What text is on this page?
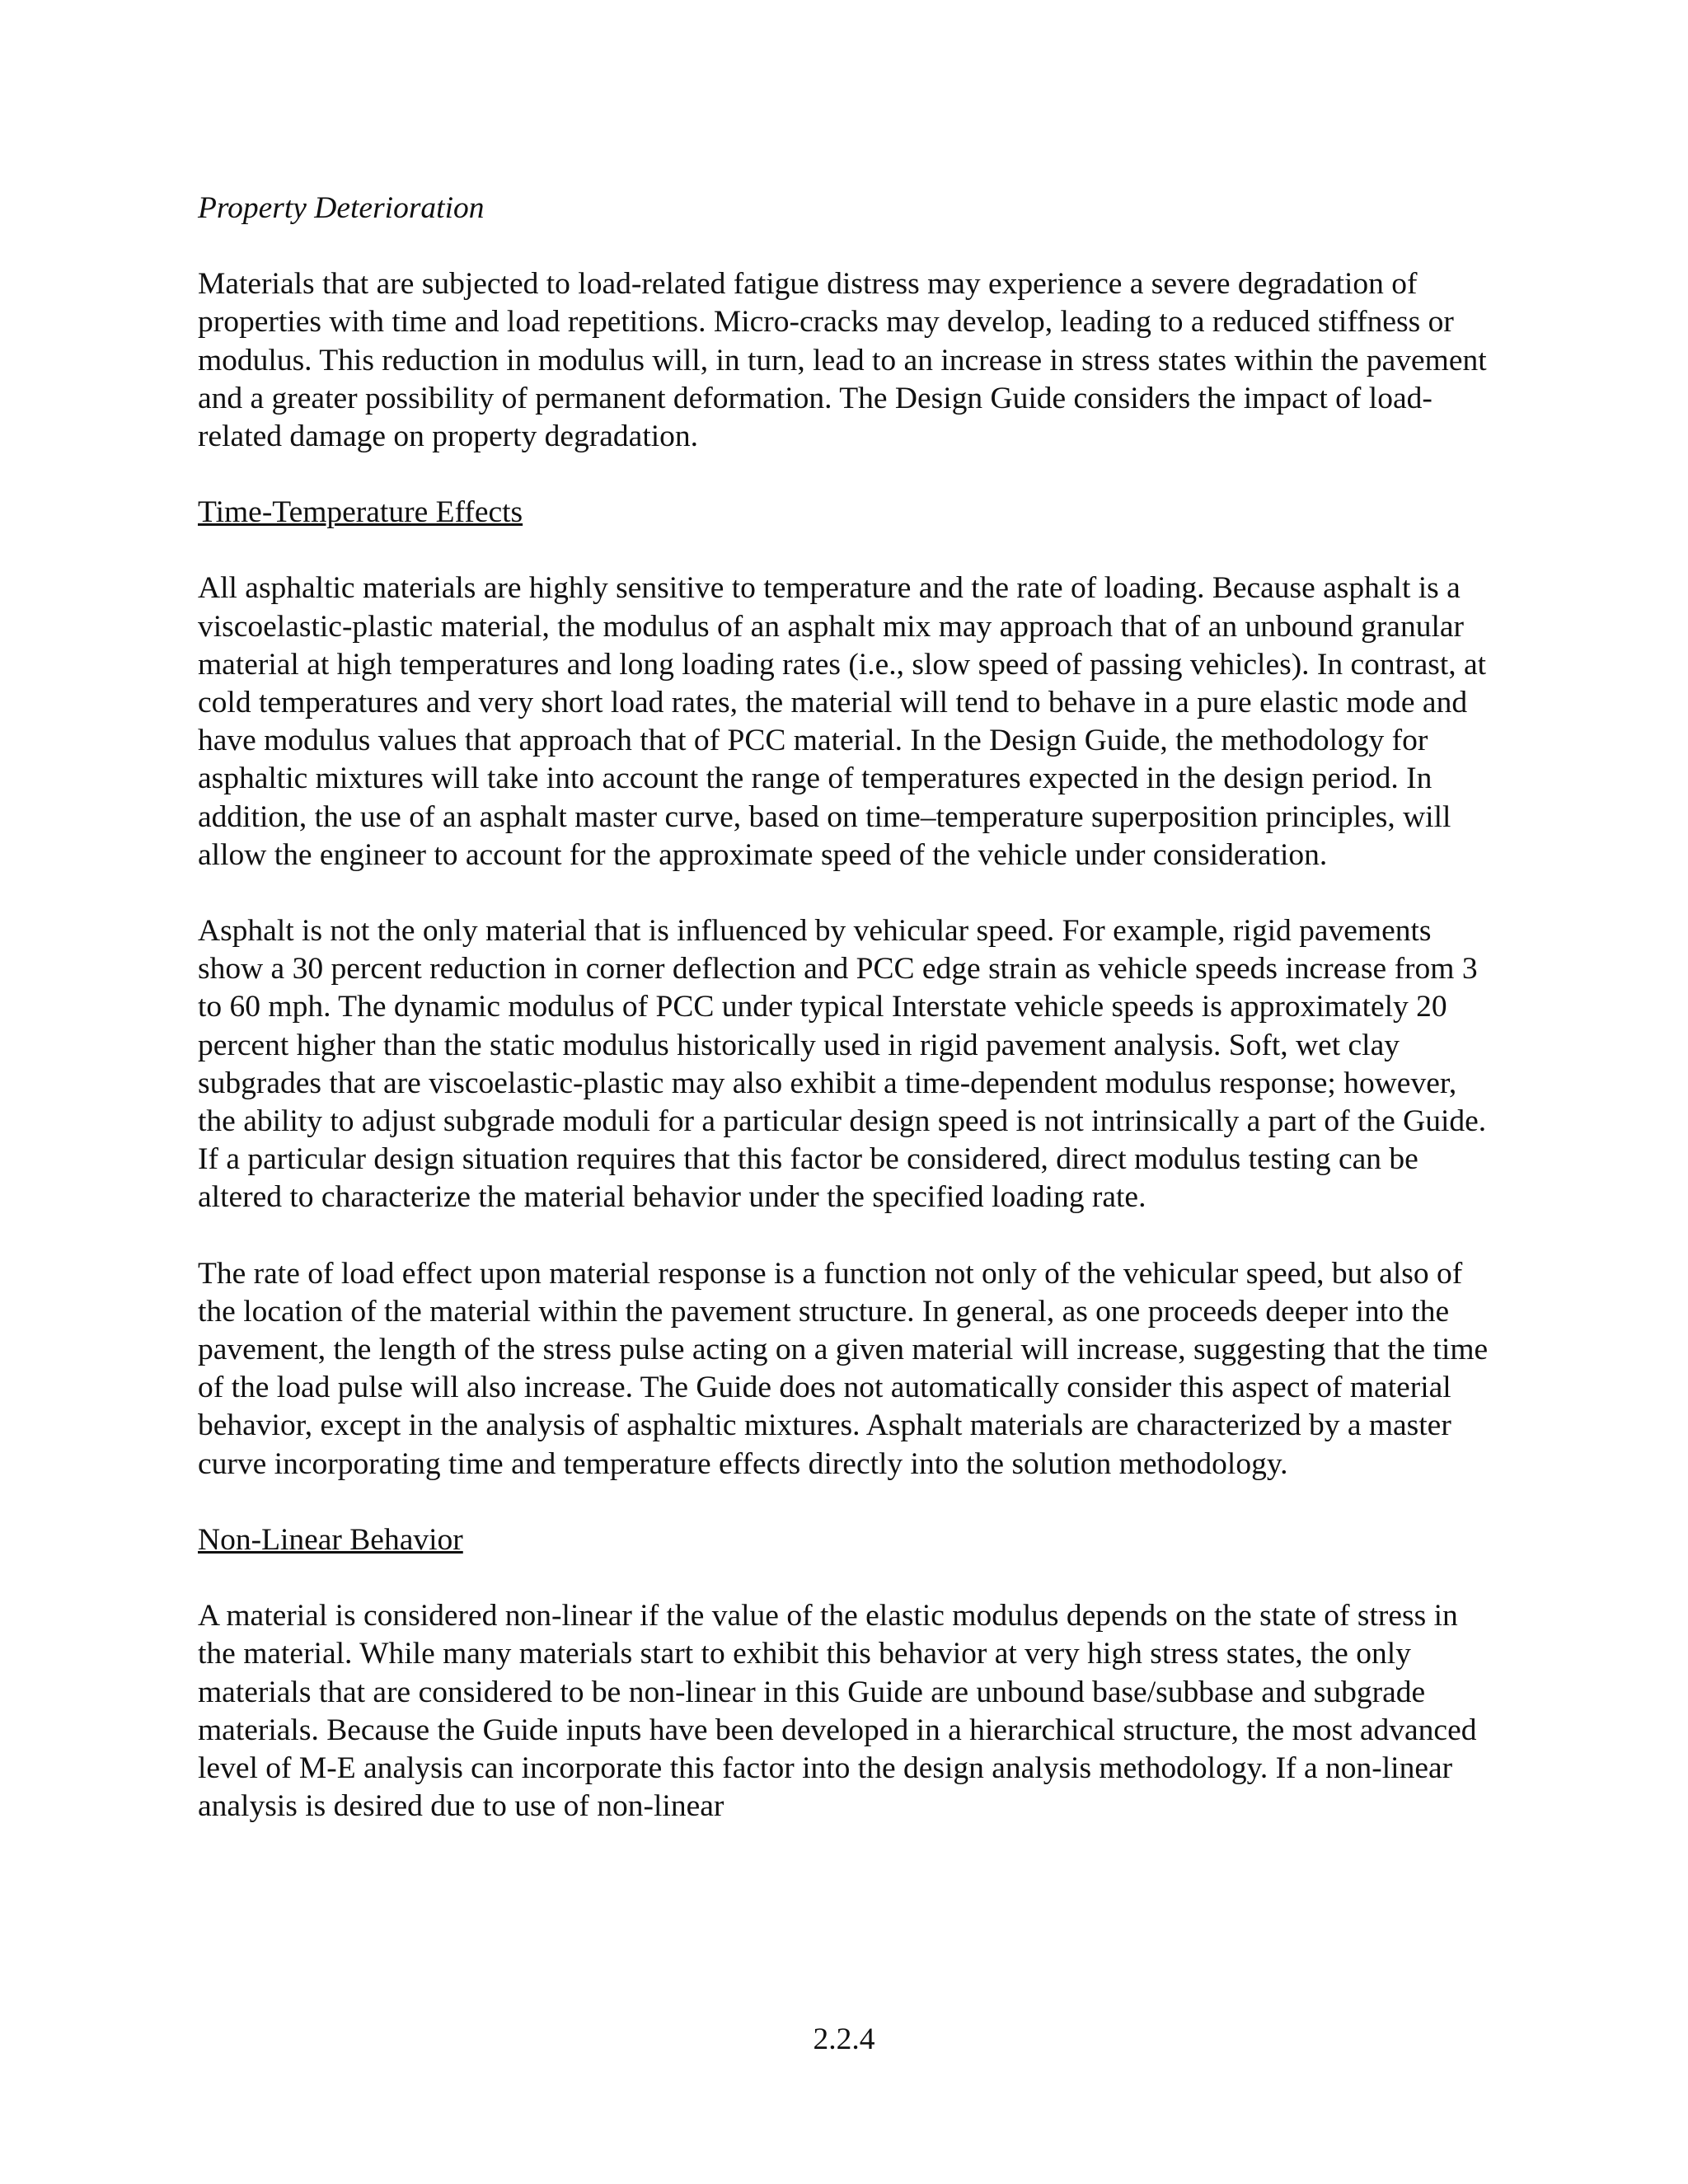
Property Deterioration

Materials that are subjected to load-related fatigue distress may experience a severe degradation of properties with time and load repetitions. Micro-cracks may develop, leading to a reduced stiffness or modulus. This reduction in modulus will, in turn, lead to an increase in stress states within the pavement and a greater possibility of permanent deformation. The Design Guide considers the impact of load-related damage on property degradation.

Time-Temperature Effects

All asphaltic materials are highly sensitive to temperature and the rate of loading. Because asphalt is a viscoelastic-plastic material, the modulus of an asphalt mix may approach that of an unbound granular material at high temperatures and long loading rates (i.e., slow speed of passing vehicles). In contrast, at cold temperatures and very short load rates, the material will tend to behave in a pure elastic mode and have modulus values that approach that of PCC material. In the Design Guide, the methodology for asphaltic mixtures will take into account the range of temperatures expected in the design period. In addition, the use of an asphalt master curve, based on time–temperature superposition principles, will allow the engineer to account for the approximate speed of the vehicle under consideration.

Asphalt is not the only material that is influenced by vehicular speed. For example, rigid pavements show a 30 percent reduction in corner deflection and PCC edge strain as vehicle speeds increase from 3 to 60 mph. The dynamic modulus of PCC under typical Interstate vehicle speeds is approximately 20 percent higher than the static modulus historically used in rigid pavement analysis. Soft, wet clay subgrades that are viscoelastic-plastic may also exhibit a time-dependent modulus response; however, the ability to adjust subgrade moduli for a particular design speed is not intrinsically a part of the Guide. If a particular design situation requires that this factor be considered, direct modulus testing can be altered to characterize the material behavior under the specified loading rate.

The rate of load effect upon material response is a function not only of the vehicular speed, but also of the location of the material within the pavement structure. In general, as one proceeds deeper into the pavement, the length of the stress pulse acting on a given material will increase, suggesting that the time of the load pulse will also increase. The Guide does not automatically consider this aspect of material behavior, except in the analysis of asphaltic mixtures. Asphalt materials are characterized by a master curve incorporating time and temperature effects directly into the solution methodology.

Non-Linear Behavior

A material is considered non-linear if the value of the elastic modulus depends on the state of stress in the material. While many materials start to exhibit this behavior at very high stress states, the only materials that are considered to be non-linear in this Guide are unbound base/subbase and subgrade materials. Because the Guide inputs have been developed in a hierarchical structure, the most advanced level of M-E analysis can incorporate this factor into the design analysis methodology. If a non-linear analysis is desired due to use of non-linear

2.2.4
